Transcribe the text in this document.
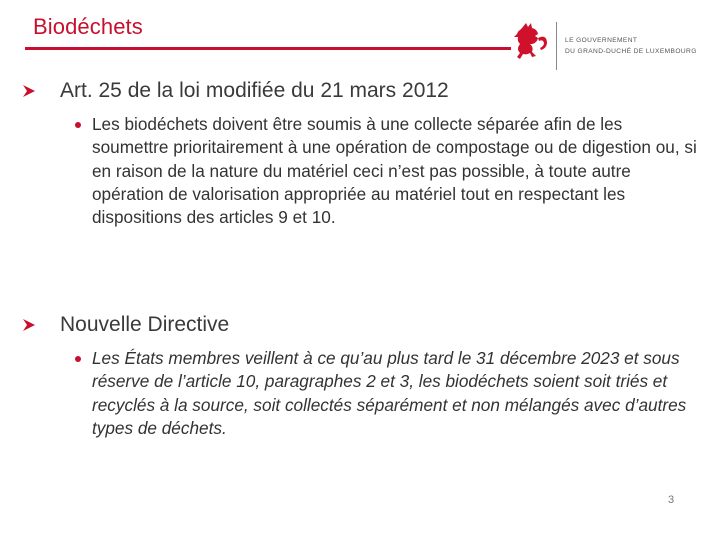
Biodéchets
LE GOUVERNEMENT
DU GRAND-DUCHÉ DE LUXEMBOURG
Art. 25 de la loi modifiée du 21 mars 2012
Les biodéchets doivent être soumis à une collecte séparée afin de les soumettre prioritairement à une opération de compostage ou de digestion ou, si en raison de la nature du matériel ceci n’est pas possible, à toute autre opération de valorisation appropriée au matériel tout en respectant les dispositions des articles 9 et 10.
Nouvelle Directive
Les États membres veillent à ce qu’au plus tard le 31 décembre 2023 et sous réserve de l’article 10, paragraphes 2 et 3, les biodéchets soient soit triés et recyclés à la source, soit collectés séparément et non mélangés avec d’autres types de déchets.
3
